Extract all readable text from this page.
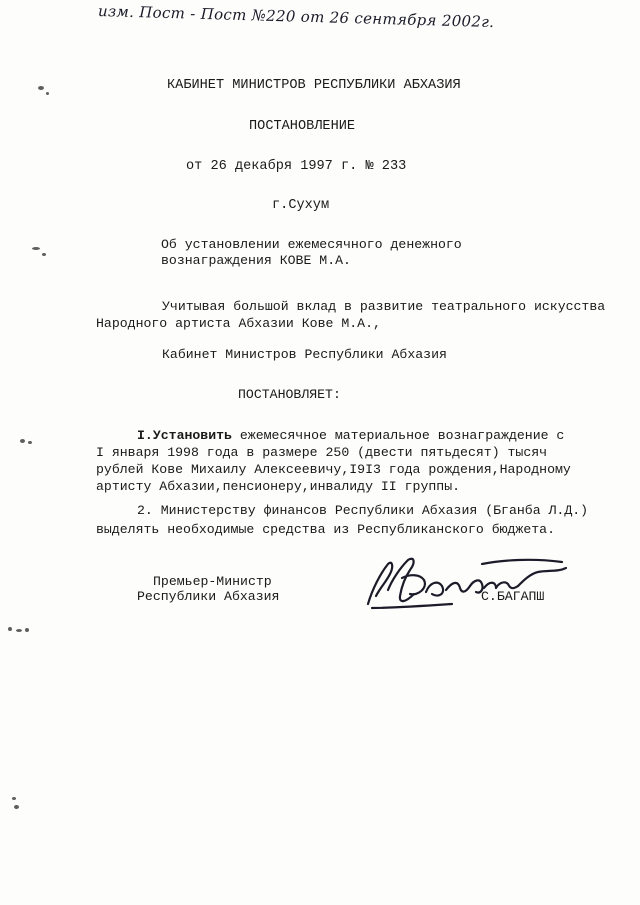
изм. Пост - Пост №220 от 26 сентября 2002г.
КАБИНЕТ МИНИСТРОВ РЕСПУБЛИКИ АБХАЗИЯ
ПОСТАНОВЛЕНИЕ
от 26 декабря 1997 г. № 233
г.Сухум
Об установлении ежемесячного денежного
вознаграждения КОВЕ М.А.
Учитывая большой вклад в развитие театрального искусства
Народного артиста Абхазии Кове М.А.,
Кабинет Министров Республики Абхазия
ПОСТАНОВЛЯЕТ:
I.Установить ежемесячное материальное вознаграждение с
I января 1998 года в размере 250 (двести пятьдесят) тысяч
рублей Кове Михаилу Алексеевичу,I9I3 года рождения,Народному
артисту Абхазии,пенсионеру,инвалиду II группы.
2. Министерству финансов Республики Абхазия (Бганба Л.Д.)
выделять необходимые средства из Республиканского бюджета.
Премьер-Министр
Республики Абхазия	С.БАГАПШ
